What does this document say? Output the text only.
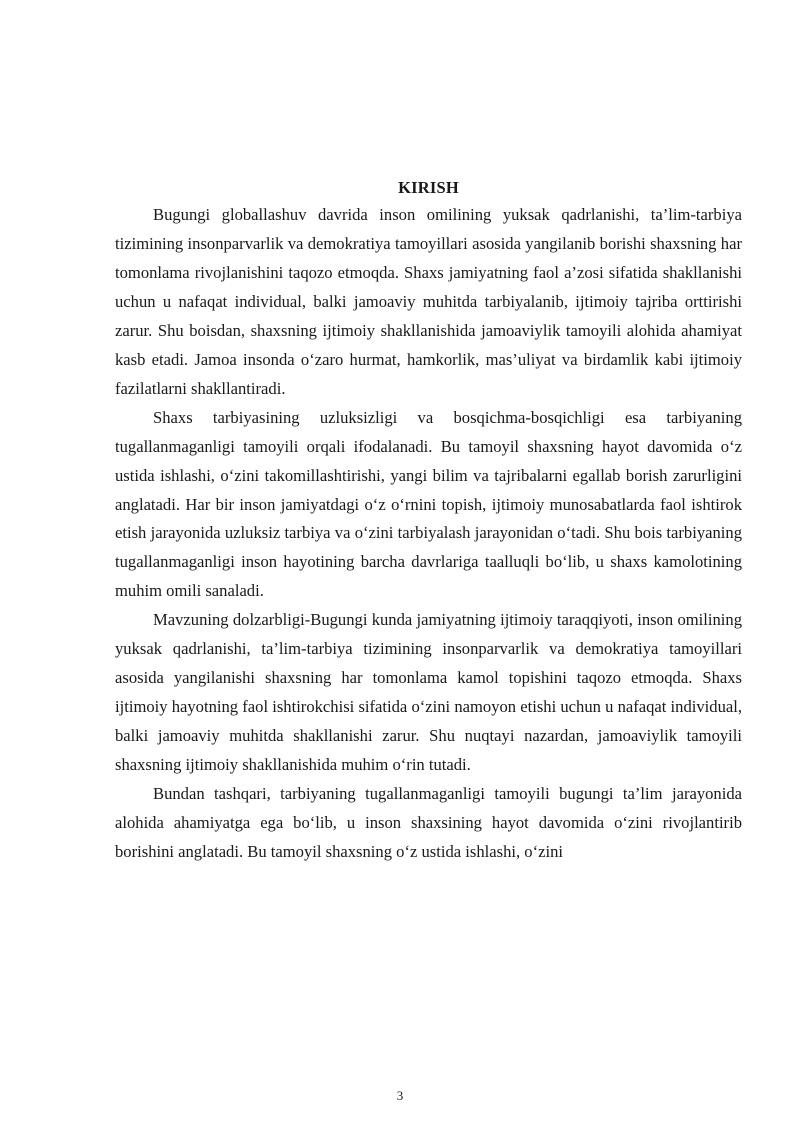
KIRISH

Bugungi globallashuv davrida inson omilining yuksak qadrlanishi, ta’lim-tarbiya tizimining insonparvarlik va demokratiya tamoyillari asosida yangilanib borishi shaxsning har tomonlama rivojlanishini taqozo etmoqda. Shaxs jamiyatning faol a’zosi sifatida shakllanishi uchun u nafaqat individual, balki jamoaviy muhitda tarbiyalanib, ijtimoiy tajriba orttirishi zarur. Shu boisdan, shaxsning ijtimoiy shakllanishida jamoaviylik tamoyili alohida ahamiyat kasb etadi. Jamoa insonda o‘zaro hurmat, hamkorlik, mas’uliyat va birdamlik kabi ijtimoiy fazilatlarni shakllantiradi.

Shaxs tarbiyasining uzluksizligi va bosqichma-bosqichligi esa tarbiyaning tugallanmaganligi tamoyili orqali ifodalanadi. Bu tamoyil shaxsning hayot davomida o‘z ustida ishlashi, o‘zini takomillashtirishi, yangi bilim va tajribalarni egallab borish zarurligini anglatadi. Har bir inson jamiyatdagi o‘z o‘rnini topish, ijtimoiy munosabatlarda faol ishtirok etish jarayonida uzluksiz tarbiya va o‘zini tarbiyalash jarayonidan o‘tadi. Shu bois tarbiyaning tugallanmaganligi inson hayotining barcha davrlariga taalluqli bo‘lib, u shaxs kamolotining muhim omili sanaladi.

Mavzuning dolzarbligi-Bugungi kunda jamiyatning ijtimoiy taraqqiyoti, inson omilining yuksak qadrlanishi, ta’lim-tarbiya tizimining insonparvarlik va demokratiya tamoyillari asosida yangilanishi shaxsning har tomonlama kamol topishini taqozo etmoqda. Shaxs ijtimoiy hayotning faol ishtirokchisi sifatida o‘zini namoyon etishi uchun u nafaqat individual, balki jamoaviy muhitda shakllanishi zarur. Shu nuqtayi nazardan, jamoaviylik tamoyili shaxsning ijtimoiy shakllanishida muhim o‘rin tutadi.

Bundan tashqari, tarbiyaning tugallanmaganligi tamoyili bugungi ta’lim jarayonida alohida ahamiyatga ega bo‘lib, u inson shaxsining hayot davomida o‘zini rivojlantirib borishini anglatadi. Bu tamoyil shaxsning o‘z ustida ishlashi, o‘zini

3
